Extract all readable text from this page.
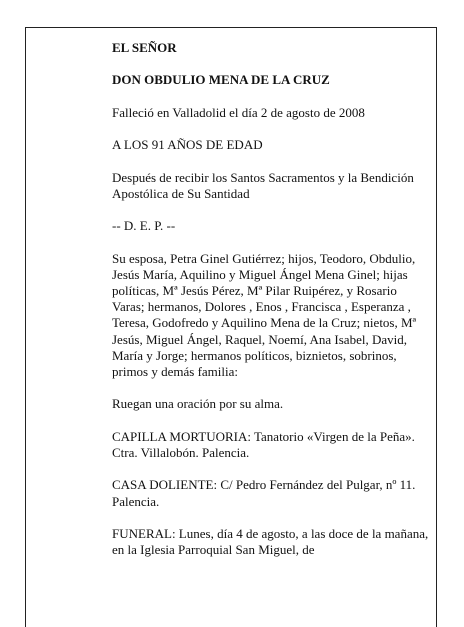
EL SEÑOR

DON OBDULIO MENA DE LA CRUZ

Falleció en Valladolid el día 2 de agosto de 2008

A LOS 91 AÑOS DE EDAD

Después de recibir los Santos Sacramentos y la Bendición Apostólica de Su Santidad

-- D. E. P. --

Su esposa, Petra Ginel Gutiérrez; hijos, Teodoro, Obdulio, Jesús María, Aquilino y Miguel Ángel Mena Ginel; hijas políticas, Mª Jesús Pérez, Mª Pilar Ruipérez, y Rosario Varas; hermanos, Dolores , Enos , Francisca , Esperanza , Teresa, Godofredo y Aquilino Mena de la Cruz; nietos, Mª Jesús, Miguel Ángel, Raquel, Noemí, Ana Isabel, David, María y Jorge; hermanos políticos, biznietos, sobrinos, primos y demás familia:

Ruegan una oración por su alma.

CAPILLA MORTUORIA: Tanatorio «Virgen de la Peña». Ctra. Villalobón. Palencia.

CASA DOLIENTE: C/ Pedro Fernández del Pulgar, nº 11. Palencia.

FUNERAL: Lunes, día 4 de agosto, a las doce de la mañana, en la Iglesia Parroquial San Miguel, de
